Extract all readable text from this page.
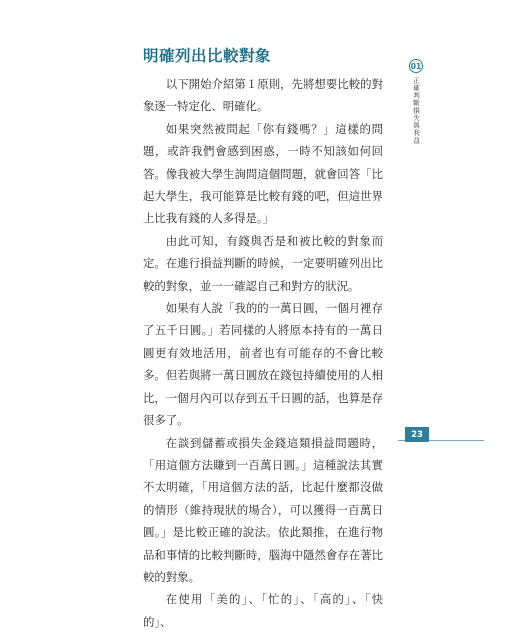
明確列出比較對象

以下開始介紹第１原則，先將想要比較的對象逐一特定化、明確化。

如果突然被問起「你有錢嗎？」這樣的問題，或許我們會感到困惑，一時不知該如何回答。像我被大學生詢問這個問題，就會回答「比起大學生，我可能算是比較有錢的吧，但這世界上比我有錢的人多得是。」

由此可知，有錢與否是和被比較的對象而定。在進行損益判斷的時候，一定要明確列出比較的對象，並一一確認自己和對方的狀況。

如果有人說「我的的一萬日圓，一個月裡存了五千日圓。」若同樣的人將原本持有的一萬日圓更有效地活用，前者也有可能存的不會比較多。但若與將一萬日圓放在錢包持續使用的人相比，一個月內可以存到五千日圓的話，也算是存很多了。

在談到儲蓄或損失金錢這類損益問題時，「用這個方法賺到一百萬日圓。」這種說法其實不太明確，「用這個方法的話，比起什麼都沒做的情形（維持現狀的場合），可以獲得一百萬日圓。」是比較正確的說法。依此類推，在進行物品和事情的比較判斷時，腦海中隱然會存在著比較的對象。

在使用「美的」、「忙的」、「高的」、「快的」、

01
正確判斷損失與利益
23
